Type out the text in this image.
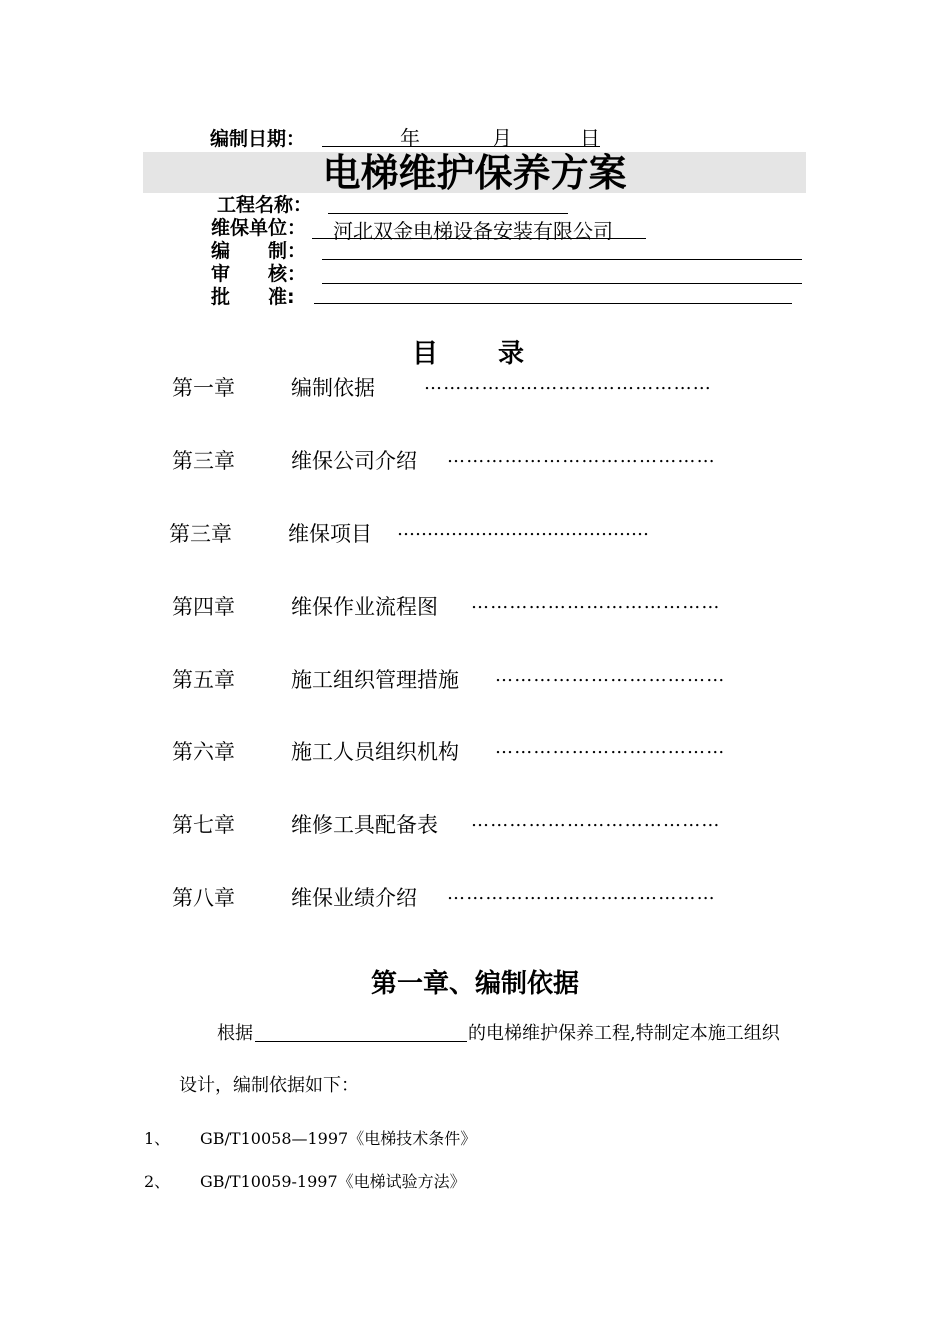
编制日期：	年	月	日
电梯维护保养方案
工程名称：
维保单位： 河北双金电梯设备安装有限公司
编　　制：
审　　核：
批　　准:
目录
第一章	编制依据	………………………………………
第三章	维保公司介绍 ……………………………………
第三章	维保项目 ……………………………………
第四章	维保作业流程图 …………………………………
第五章	施工组织管理措施 ………………………………
第六章	施工人员组织机构 ………………………………
第七章	维修工具配备表 …………………………………
第八章	维保业绩介绍 ……………………………………
第一章、编制依据
根据	的电梯维护保养工程,特制定本施工组织
设计，编制依据如下：
1、 GB/T10058—1997《电梯技术条件》
2、 GB/T10059-1997《电梯试验方法》
